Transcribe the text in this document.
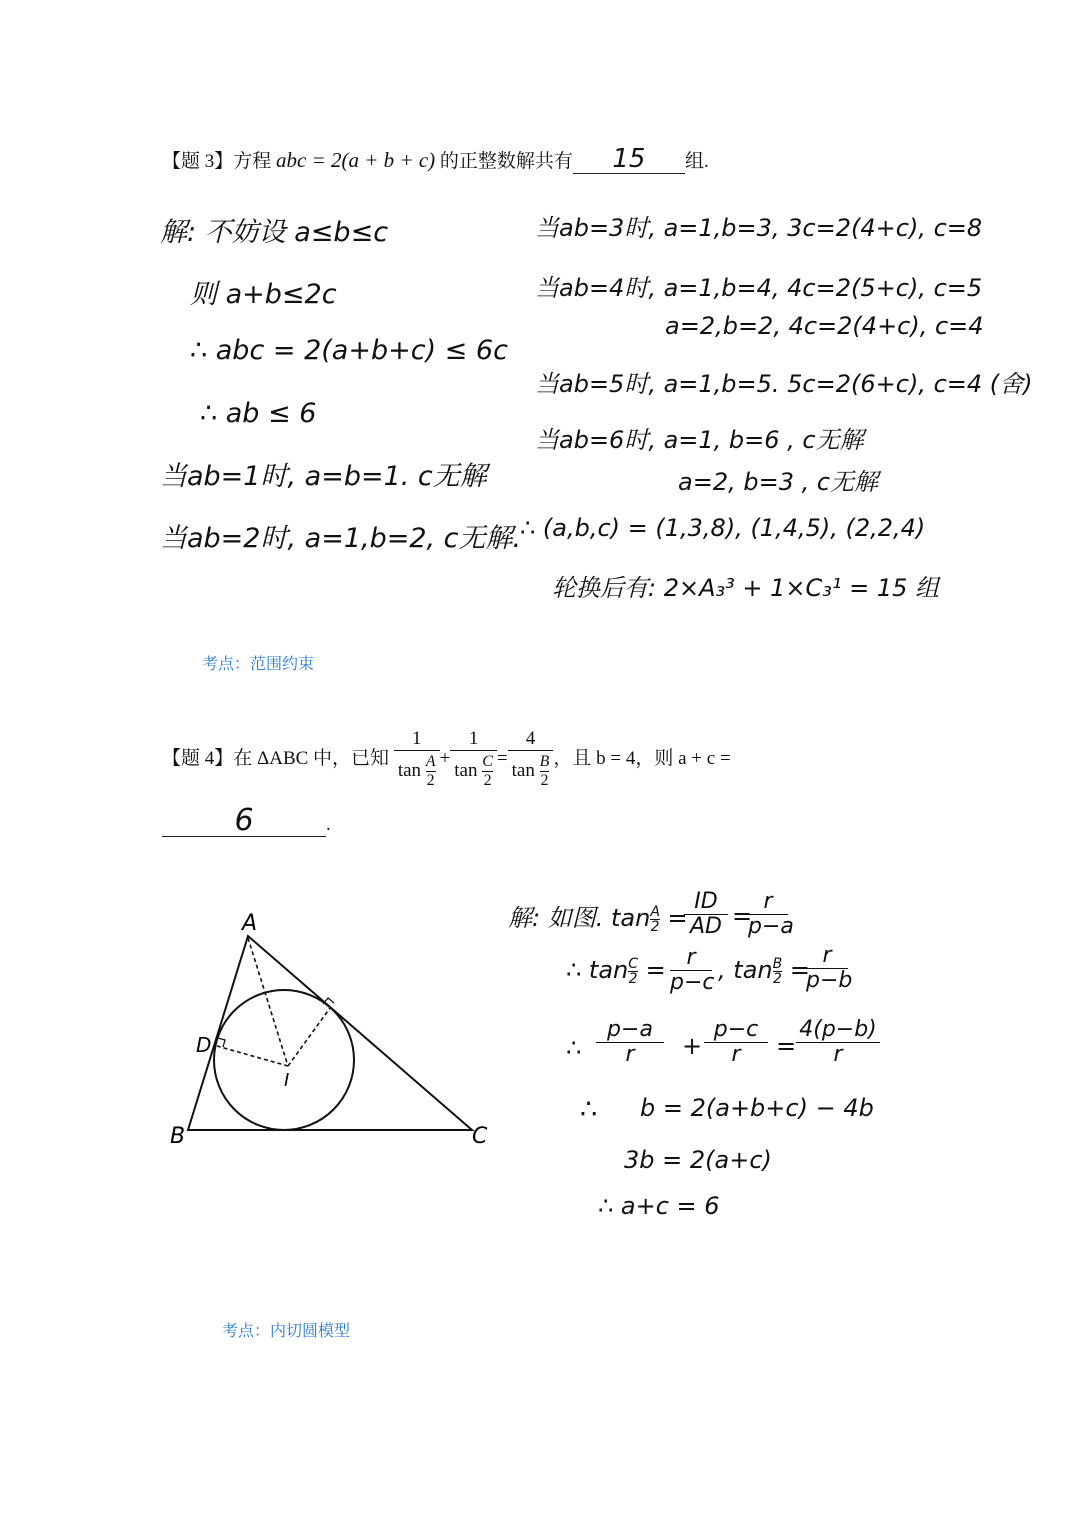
【题 3】方程 abc = 2(a + b + c) 的正整数解共有 15 组.
解: 不妨设 a≤b≤c
则 a+b≤2c
∴ abc = 2(a+b+c) ≤ 6c
∴ ab ≤ 6
当ab=1时, a=b=1. c无解
当ab=2时, a=1,b=2, c无解.
当ab=3时, a=1,b=3, 3c=2(4+c), c=8
当ab=4时, a=1,b=4, 4c=2(5+c), c=5
a=2,b=2, 4c=2(4+c), c=4
当ab=5时, a=1,b=5. 5c=2(6+c), c=4 (舍)
当ab=6时, a=1, b=6 , c无解
a=2, b=3 , c无解
∴ (a,b,c) = (1,3,8), (1,4,5), (2,2,4)
轮换后有: 2×A₃³ + 1×C₃¹ = 15 组
考点：范围约束
【题 4】在 ΔABC 中，已知 $\frac{1}{\tan \frac{A}{2}} + \frac{1}{\tan \frac{C}{2}} = \frac{4}{\tan \frac{B}{2}}$ ，且 b = 4，则 a + c =
6	.
A
B	C
D
I
解: 如图. $\tan \frac{A}{2}$ =
ID
AD =
r
p−a
∴ $\tan \frac{C}{2} = r$
p−c , $\tan \frac{B}{2}$ =
r
p−b
∴
p−a
r	+
p−c
r	=
4(p−b)
r
∴ b = 2(a+b+c) − 4b
3b = 2(a+c)
∴ a+c = 6
考点：内切圆模型
